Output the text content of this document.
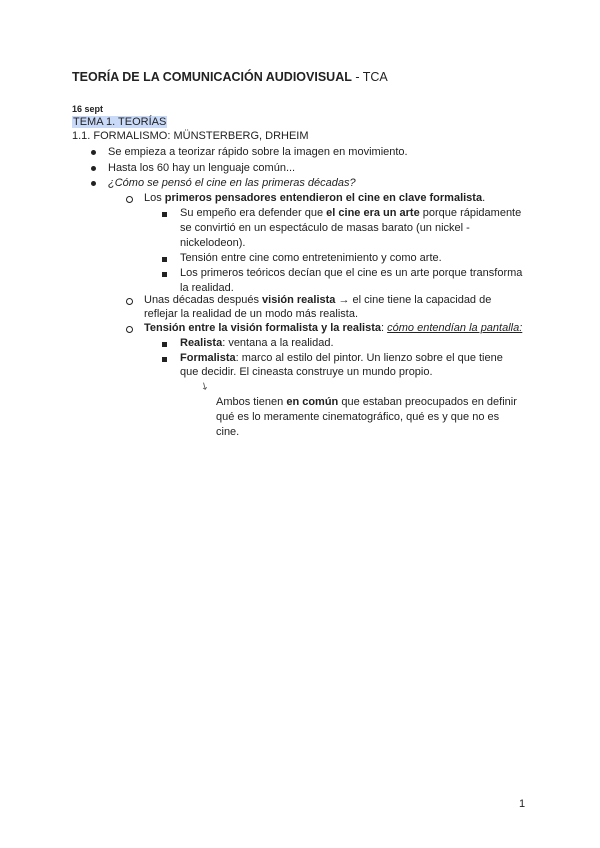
TEORÍA DE LA COMUNICACIÓN AUDIOVISUAL - TCA
16 sept
TEMA 1. TEORÍAS
1.1. FORMALISMO: MÜNSTERBERG, DRHEIM
Se empieza a teorizar rápido sobre la imagen en movimiento.
Hasta los 60 hay un lenguaje común...
¿Cómo se pensó el cine en las primeras décadas?
Los primeros pensadores entendieron el cine en clave formalista.
Su empeño era defender que el cine era un arte porque rápidamente
se convirtió en un espectáculo de masas barato (un nickel -
nickelodeon).
Tensión entre cine como entretenimiento y como arte.
Los primeros teóricos decían que el cine es un arte porque transforma
la realidad.
Unas décadas después visión realista → el cine tiene la capacidad de
reflejar la realidad de un modo más realista.
Tensión entre la visión formalista y la realista: cómo entendían la pantalla:
Realista: ventana a la realidad.
Formalista: marco al estilo del pintor. Un lienzo sobre el que tiene
que decidir. El cineasta construye un mundo propio.
↘
Ambos tienen en común que estaban preocupados en definir
qué es lo meramente cinematográfico, qué es y que no es
cine.
1
